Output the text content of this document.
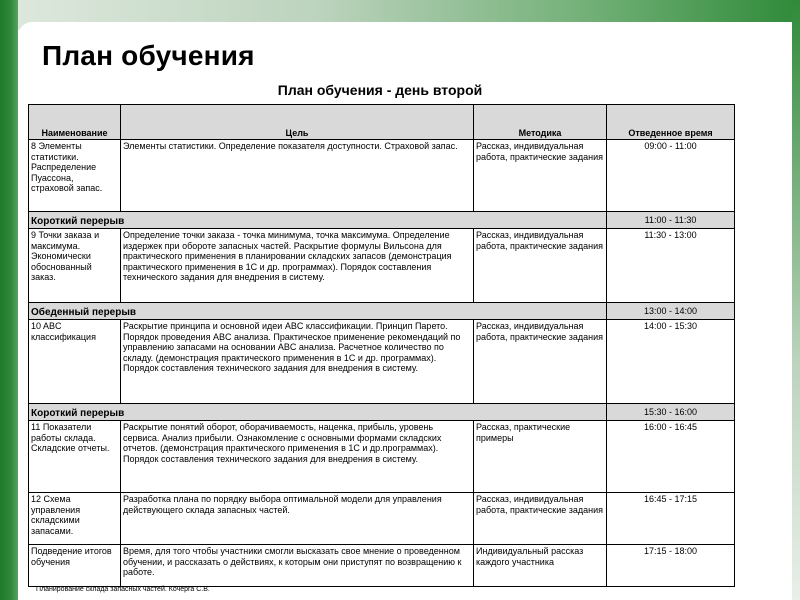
План обучения
План обучения - день второй
Наименование	Цель	Методика	Отведенное время
8 Элементы статистики. Распределение Пуассона, страховой запас.	Элементы статистики. Определение показателя доступности. Страховой запас.	Рассказ, индивидуальная работа, практические задания	09:00 - 11:00
Короткий перерыв			11:00 - 11:30
9 Точки заказа и максимума. Экономически обоснованный заказ.	Определение точки заказа - точка минимума, точка максимума. Определение издержек при обороте запасных частей. Раскрытие формулы Вильсона для практического применения в планировании складских запасов (демонстрация практического применения в 1С и др. программах). Порядок составления технического задания для внедрения в систему.	Рассказ, индивидуальная работа, практические задания	11:30 - 13:00
Обеденный перерыв			13:00 - 14:00
10 ABC классификация	Раскрытие принципа и основной идеи ABC классификации. Принцип Парето. Порядок проведения ABC анализа. Практическое применение рекомендаций по управлению запасами на основании ABC анализа. Расчетное количество по складу. (демонстрация практического применения в 1С и др. программах). Порядок составления технического задания для внедрения в систему.	Рассказ, индивидуальная работа, практические задания	14:00 - 15:30
Короткий перерыв			15:30 - 16:00
11 Показатели работы склада. Складские отчеты.	Раскрытие понятий оборот, оборачиваемость, наценка, прибыль, уровень сервиса. Анализ прибыли. Ознакомление с основными формами складских отчетов. (демонстрация практического применения в 1С и др.программах). Порядок составления технического задания для внедрения в систему.	Рассказ, практические примеры	16:00 - 16:45
12 Схема управления складскими запасами.	Разработка плана по порядку выбора оптимальной модели для управления действующего склада запасных частей.	Рассказ, индивидуальная работа, практические задания	16:45 - 17:15
Подведение итогов обучения	Время, для того чтобы участники смогли высказать свое мнение о проведенном обучении, и рассказать о действиях, к которым они приступят по возвращению к работе.	Индивидуальный рассказ каждого участника	17:15 - 18:00
Планирование склада запасных частей. Кочерга С.В.
